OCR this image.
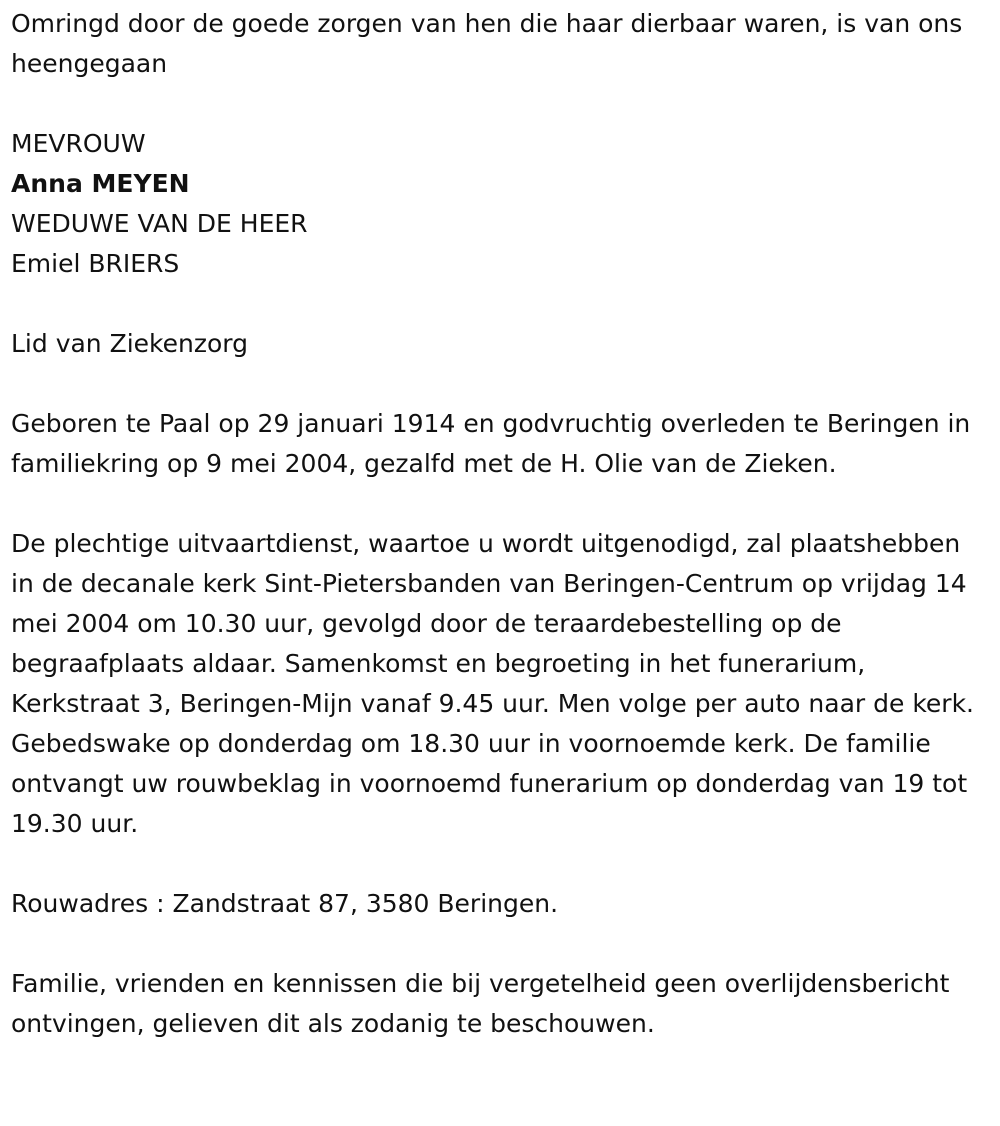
Omringd door de goede zorgen van hen die haar dierbaar waren, is van ons heengegaan

MEVROUW

Anna MEYEN

WEDUWE VAN DE HEER

Emiel BRIERS

Lid van Ziekenzorg

Geboren te Paal op 29 januari 1914 en godvruchtig overleden te Beringen in familiekring op 9 mei 2004, gezalfd met de H. Olie van de Zieken.

De plechtige uitvaartdienst, waartoe u wordt uitgenodigd, zal plaatshebben in de decanale kerk Sint-Pietersbanden van Beringen-Centrum op vrijdag 14 mei 2004 om 10.30 uur, gevolgd door de teraardebestelling op de begraafplaats aldaar. Samenkomst en begroeting in het funerarium, Kerkstraat 3, Beringen-Mijn vanaf 9.45 uur. Men volge per auto naar de kerk. Gebedswake op donderdag om 18.30 uur in voornoemde kerk. De familie ontvangt uw rouwbeklag in voornoemd funerarium op donderdag van 19 tot 19.30 uur.

Rouwadres : Zandstraat 87, 3580 Beringen.

Familie, vrienden en kennissen die bij vergetelheid geen overlijdensbericht ontvingen, gelieven dit als zodanig te beschouwen.
